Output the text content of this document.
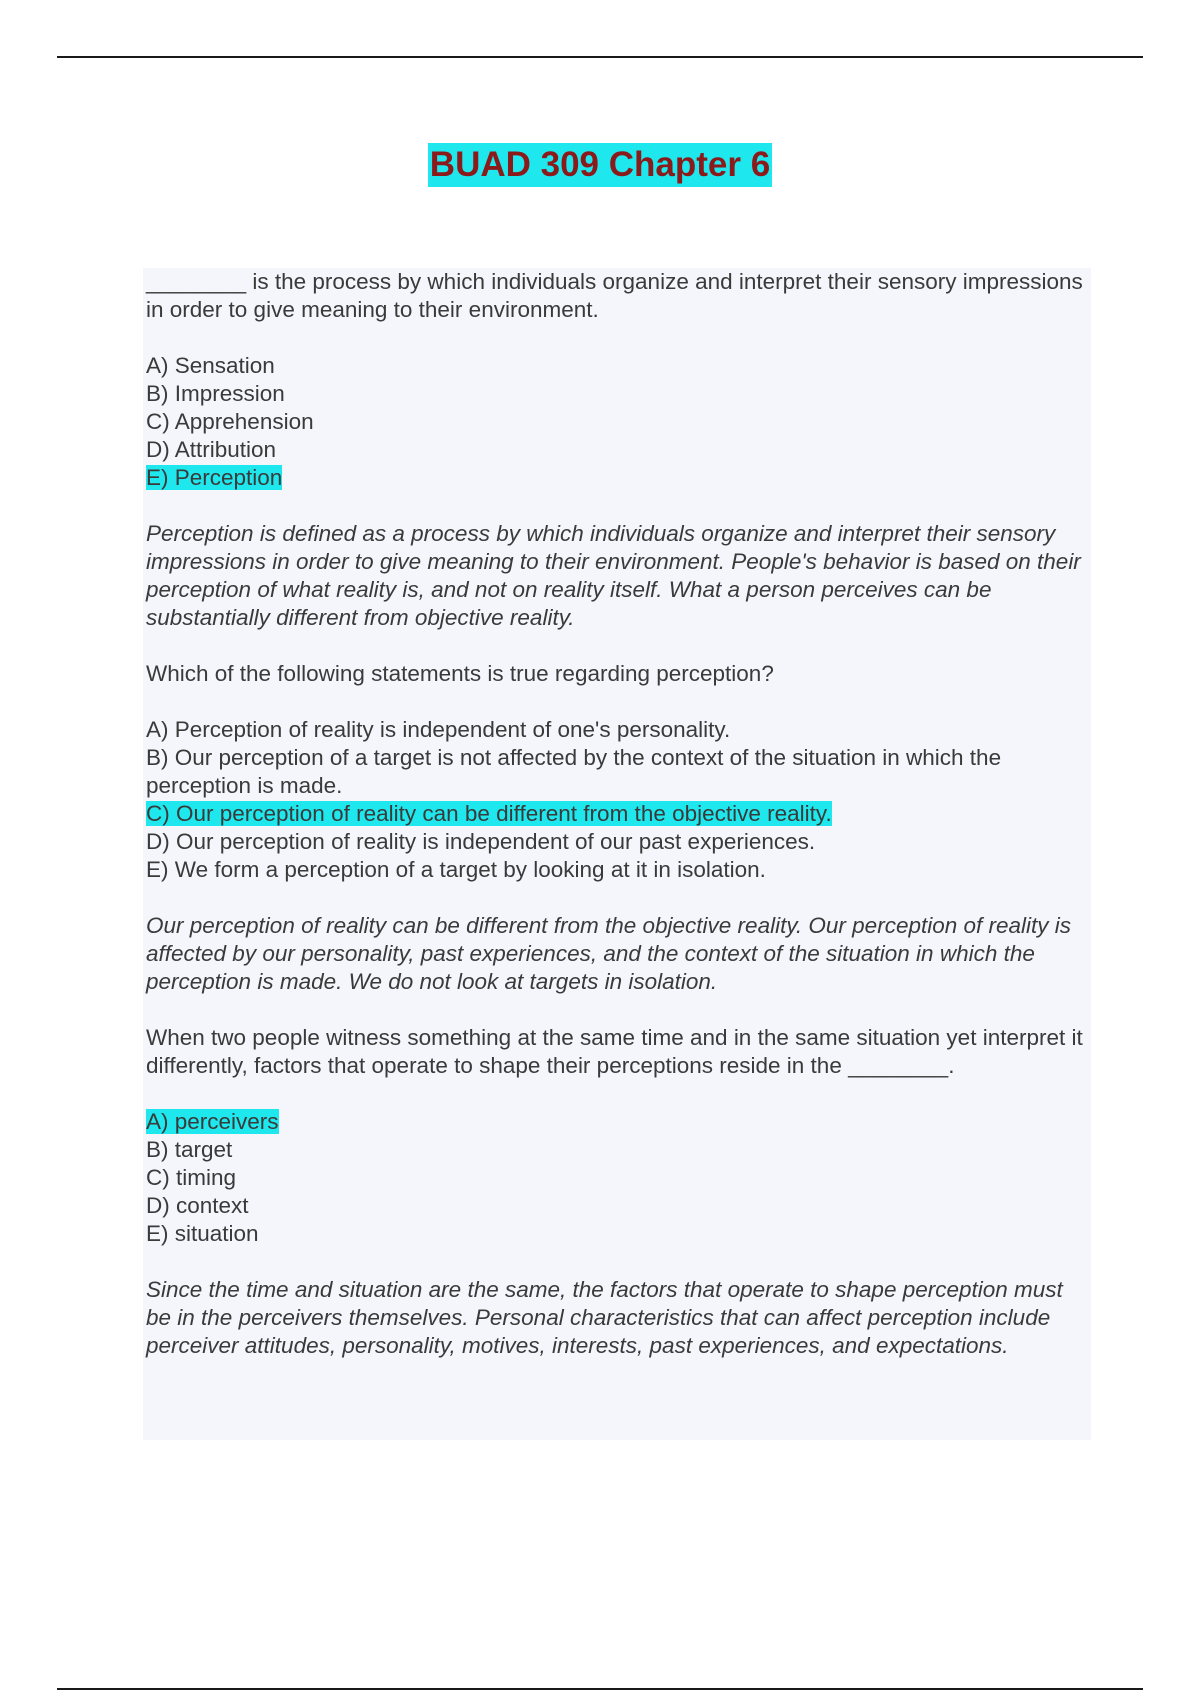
BUAD 309 Chapter 6

________ is the process by which individuals organize and interpret their sensory impressions in order to give meaning to their environment.

A) Sensation
B) Impression
C) Apprehension
D) Attribution
E) Perception

Perception is defined as a process by which individuals organize and interpret their sensory impressions in order to give meaning to their environment. People's behavior is based on their perception of what reality is, and not on reality itself. What a person perceives can be substantially different from objective reality.

Which of the following statements is true regarding perception?

A) Perception of reality is independent of one's personality.
B) Our perception of a target is not affected by the context of the situation in which the perception is made.
C) Our perception of reality can be different from the objective reality.
D) Our perception of reality is independent of our past experiences.
E) We form a perception of a target by looking at it in isolation.

Our perception of reality can be different from the objective reality. Our perception of reality is affected by our personality, past experiences, and the context of the situation in which the perception is made. We do not look at targets in isolation.

When two people witness something at the same time and in the same situation yet interpret it differently, factors that operate to shape their perceptions reside in the ________.

A) perceivers
B) target
C) timing
D) context
E) situation

Since the time and situation are the same, the factors that operate to shape perception must be in the perceivers themselves. Personal characteristics that can affect perception include perceiver attitudes, personality, motives, interests, past experiences, and expectations.
